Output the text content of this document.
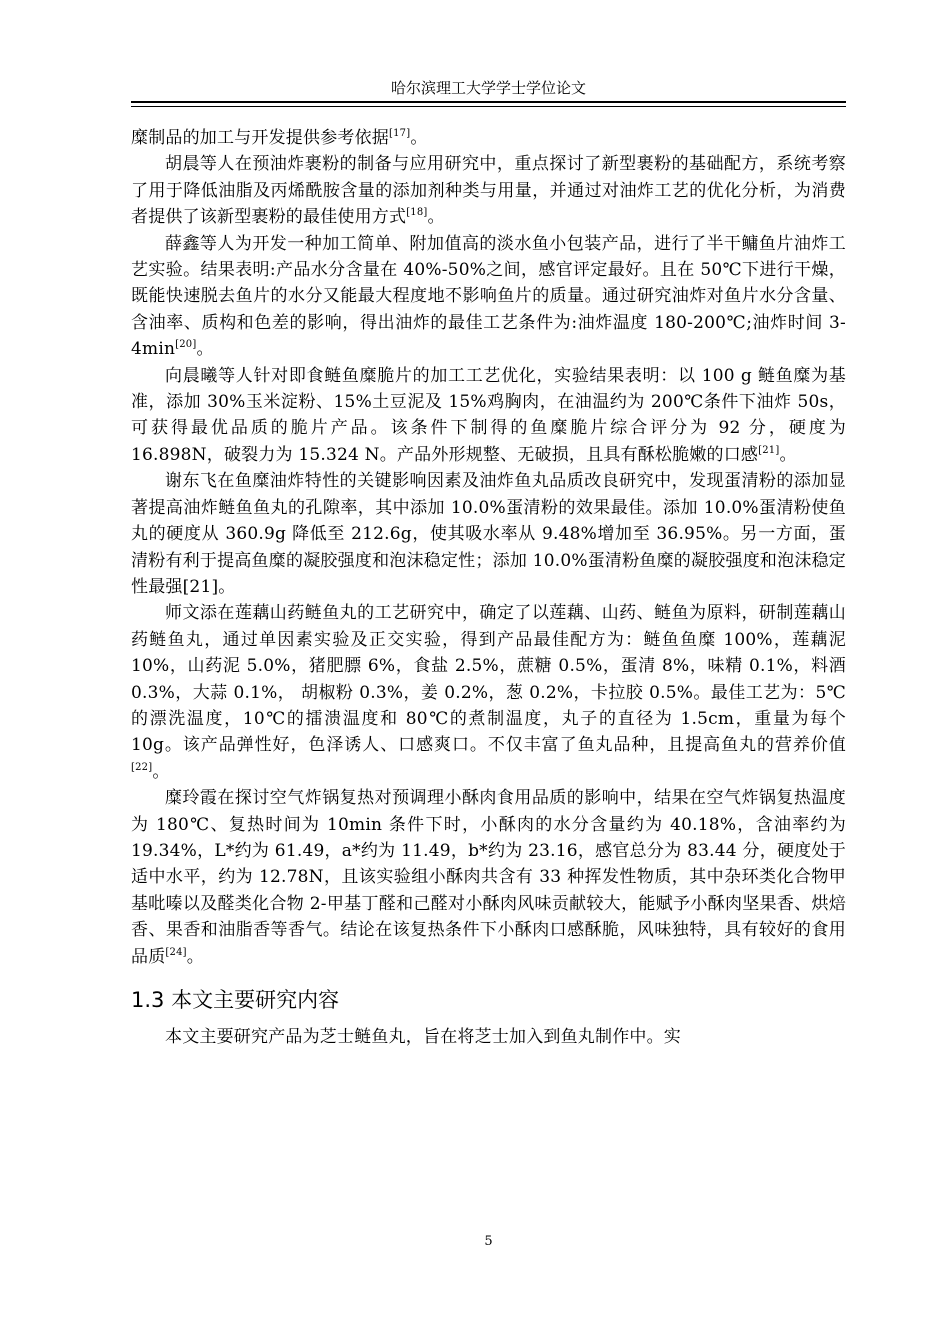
哈尔滨理工大学学士学位论文

糜制品的加工与开发提供参考依据[17]。

胡晨等人在预油炸裹粉的制备与应用研究中，重点探讨了新型裹粉的基础配方，系统考察了用于降低油脂及丙烯酰胺含量的添加剂种类与用量，并通过对油炸工艺的优化分析，为消费者提供了该新型裹粉的最佳使用方式[18]。

薛鑫等人为开发一种加工简单、附加值高的淡水鱼小包装产品，进行了半干鳙鱼片油炸工艺实验。结果表明:产品水分含量在 40%-50%之间，感官评定最好。且在 50℃下进行干燥，既能快速脱去鱼片的水分又能最大程度地不影响鱼片的质量。通过研究油炸对鱼片水分含量、含油率、质构和色差的影响，得出油炸的最佳工艺条件为:油炸温度 180-200℃;油炸时间 3-4min[20]。

向晨曦等人针对即食鲢鱼糜脆片的加工工艺优化，实验结果表明：以 100 g 鲢鱼糜为基准，添加 30%玉米淀粉、15%土豆泥及 15%鸡胸肉，在油温约为 200℃条件下油炸 50s，可获得最优品质的脆片产品。该条件下制得的鱼糜脆片综合评分为 92 分，硬度为 16.898N，破裂力为 15.324 N。产品外形规整、无破损，且具有酥松脆嫩的口感[21]。

谢东飞在鱼糜油炸特性的关键影响因素及油炸鱼丸品质改良研究中，发现蛋清粉的添加显著提高油炸鲢鱼鱼丸的孔隙率，其中添加 10.0%蛋清粉的效果最佳。添加 10.0%蛋清粉使鱼丸的硬度从 360.9g 降低至 212.6g，使其吸水率从 9.48%增加至 36.95%。另一方面，蛋清粉有利于提高鱼糜的凝胶强度和泡沫稳定性；添加 10.0%蛋清粉鱼糜的凝胶强度和泡沫稳定性最强[21]。

师文添在莲藕山药鲢鱼丸的工艺研究中，确定了以莲藕、山药、鲢鱼为原料，研制莲藕山药鲢鱼丸，通过单因素实验及正交实验，得到产品最佳配方为：鲢鱼鱼糜 100%，莲藕泥 10%，山药泥 5.0%，猪肥膘 6%，食盐 2.5%，蔗糖 0.5%，蛋清 8%，味精 0.1%，料酒 0.3%，大蒜 0.1%， 胡椒粉 0.3%，姜 0.2%，葱 0.2%，卡拉胶 0.5%。最佳工艺为：5℃的漂洗温度，10℃的擂溃温度和 80℃的煮制温度，丸子的直径为 1.5cm，重量为每个 10g。该产品弹性好，色泽诱人、口感爽口。不仅丰富了鱼丸品种，且提高鱼丸的营养价值[22]。

糜玲霞在探讨空气炸锅复热对预调理小酥肉食用品质的影响中，结果在空气炸锅复热温度为 180℃、复热时间为 10min 条件下时，小酥肉的水分含量约为 40.18%，含油率约为 19.34%，L*约为 61.49，a*约为 11.49，b*约为 23.16，感官总分为 83.44 分，硬度处于适中水平，约为 12.78N，且该实验组小酥肉共含有 33 种挥发性物质，其中杂环类化合物甲基吡嗪以及醛类化合物 2-甲基丁醛和己醛对小酥肉风味贡献较大，能赋予小酥肉坚果香、烘焙香、果香和油脂香等香气。结论在该复热条件下小酥肉口感酥脆，风味独特，具有较好的食用品质[24]。

1.3 本文主要研究内容

本文主要研究产品为芝士鲢鱼丸，旨在将芝士加入到鱼丸制作中。实

5
